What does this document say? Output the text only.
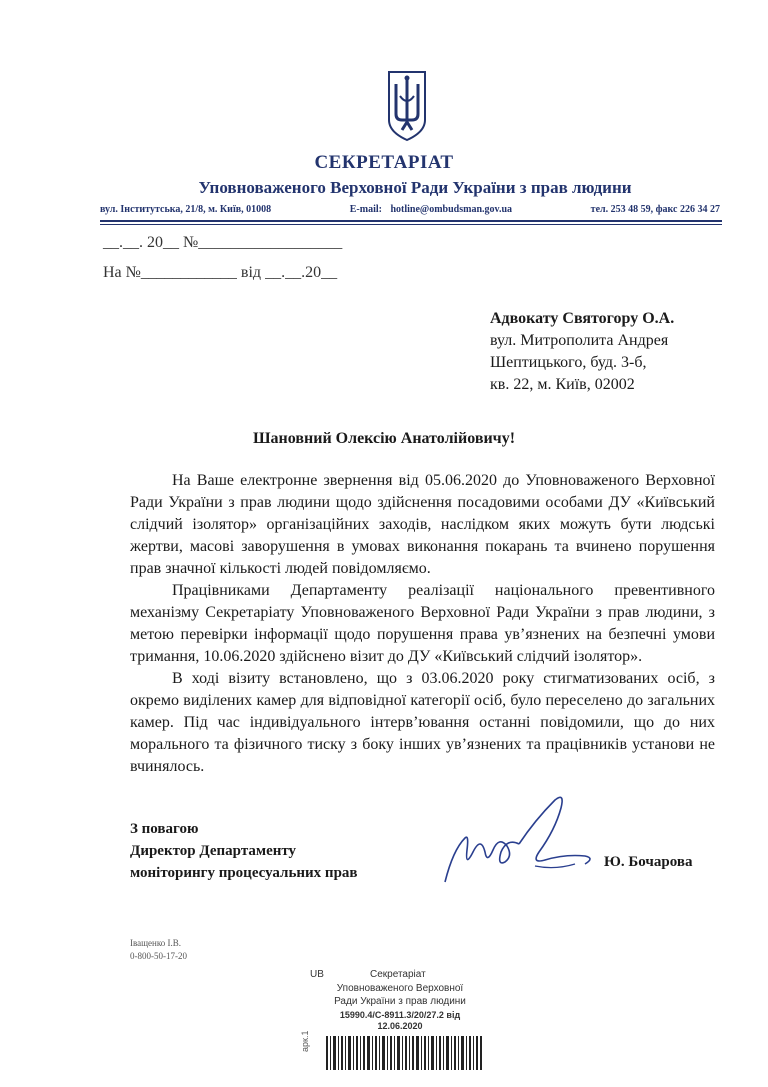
СЕКРЕТАРІАТ
Уповноваженого Верховної Ради України з прав людини
вул. Інститутська, 21/8, м. Київ, 01008	E-mail: hotline@ombudsman.gov.ua	тел. 253 48 59, факс 226 34 27
__.__. 20__ №__________________
На №____________ від __.__.20__
Адвокату Святогору О.А.
вул. Митрополита Андрея
Шептицького, буд. 3-б,
кв. 22, м. Київ, 02002
Шановний Олексію Анатолійовичу!

На Ваше електронне звернення від 05.06.2020 до Уповноваженого Верховної Ради України з прав людини щодо здійснення посадовими особами ДУ «Київський слідчий ізолятор» організаційних заходів, наслідком яких можуть бути людські жертви, масові заворушення в умовах виконання покарань та вчинено порушення прав значної кількості людей повідомляємо.

Працівниками Департаменту реалізації національного превентивного механізму Секретаріату Уповноваженого Верховної Ради України з прав людини, з метою перевірки інформації щодо порушення права ув’язнених на безпечні умови тримання, 10.06.2020 здійснено візит до ДУ «Київський слідчий ізолятор».

В ході візиту встановлено, що з 03.06.2020 року стигматизованих осіб, з окремо виділених камер для відповідної категорії осіб, було переселено до загальних камер. Під час індивідуального інтерв’ювання останні повідомили, що до них морального та фізичного тиску з боку інших ув’язнених та працівників установи не вчинялось.

З повагою
Директор Департаменту
моніторингу процесуальних прав
Ю. Бочарова
Іващенко І.В.
0-800-50-17-20
UB	Секретаріат
Уповноваженого Верховної
Ради України з прав людини
15990.4/С-8911.3/20/27.2 від
12.06.2020
арк.1
